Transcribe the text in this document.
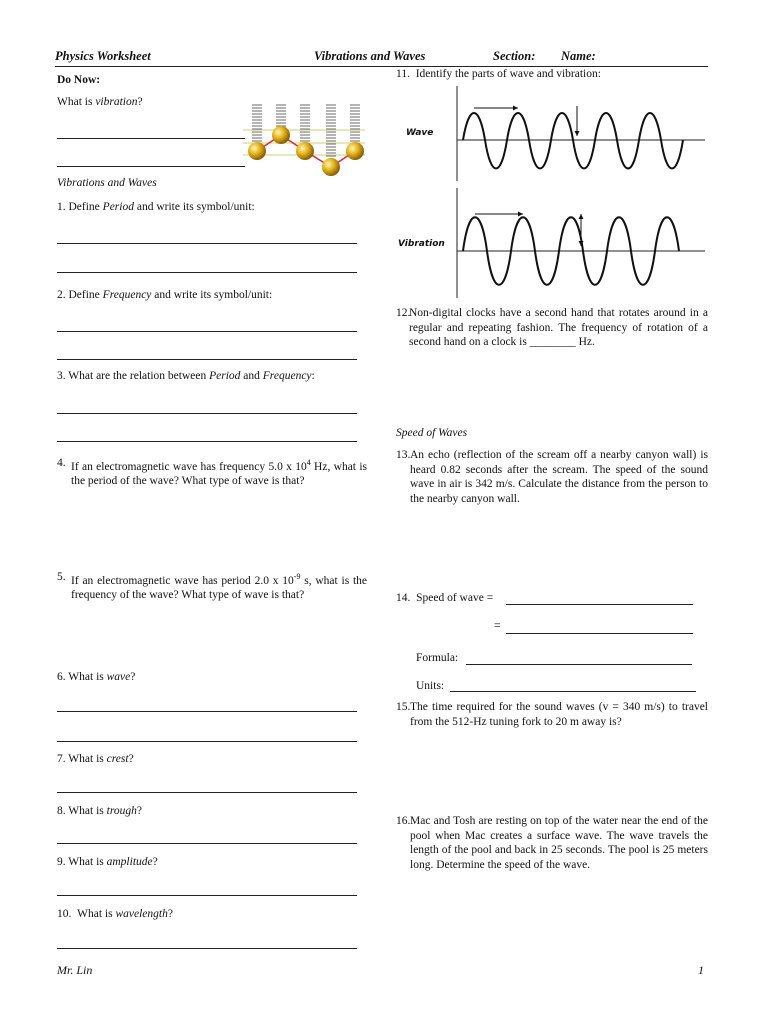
Physics Worksheet	Vibrations and Waves	Section: Name:
Do Now:
What is vibration?
Vibrations and Waves
1. Define Period and write its symbol/unit:
2. Define Frequency and write its symbol/unit:
3. What are the relation between Period and Frequency:
4. If an electromagnetic wave has frequency 5.0 x $10^4$ Hz, what is the period of the wave? What type of wave is that?
5. If an electromagnetic wave has period 2.0 x $10^{-9}$ s, what is the frequency of the wave? What type of wave is that?
6. What is wave?
7. What is crest?
8. What is trough?
9. What is amplitude?
10. What is wavelength?
11. Identify the parts of wave and vibration:
Wave
Vibration
12.
Non-digital clocks have a second hand that rotates around in a regular and repeating fashion. The frequency of rotation of a second hand on a clock is ________ Hz.
Speed of Waves
13. An echo (reflection of the scream off a nearby canyon wall) is heard 0.82 seconds after the scream. The speed of the sound wave in air is 342 m/s. Calculate the distance from the person to the nearby canyon wall.
14. Speed of wave =
=
Formula:
Units:
15. The time required for the sound waves (v = 340 m/s) to travel from the 512-Hz tuning fork to 20 m away is?
16. Mac and Tosh are resting on top of the water near the end of the pool when Mac creates a surface wave. The wave travels the length of the pool and back in 25 seconds. The pool is 25 meters long. Determine the speed of the wave.
Mr. Lin	1
